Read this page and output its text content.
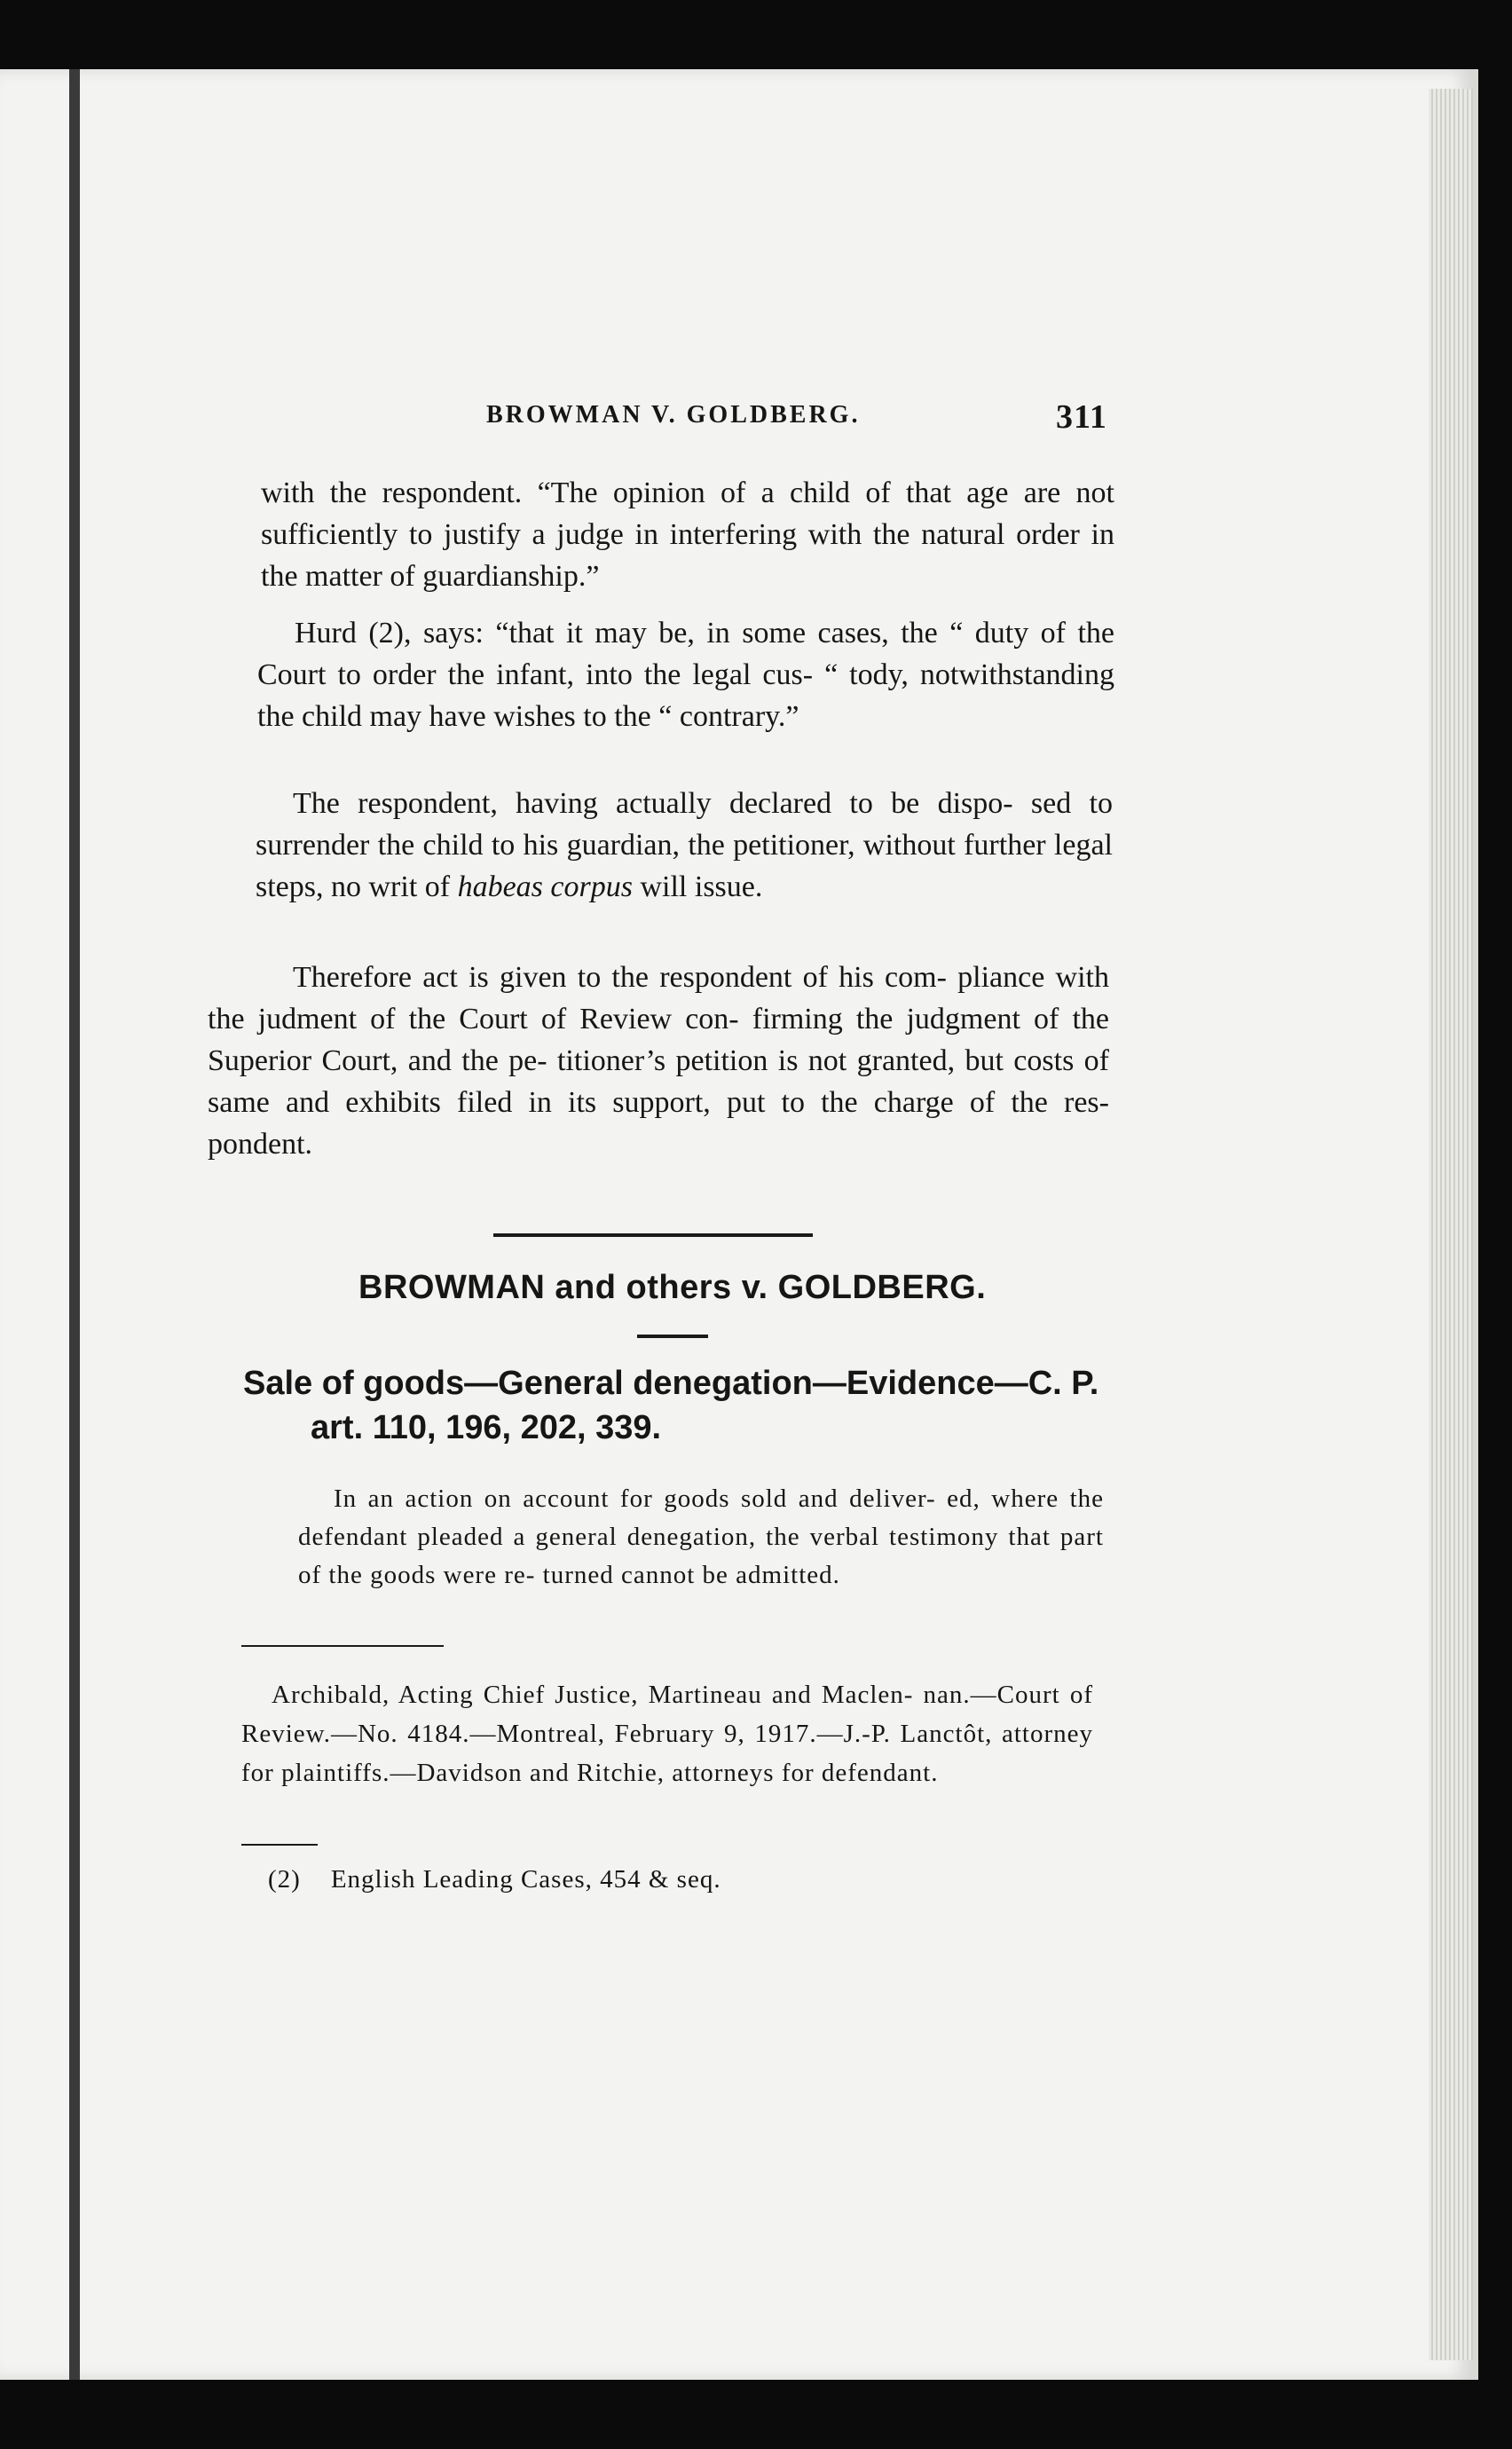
BROWMAN V. GOLDBERG.	311
with the respondent. “The opinion of a child of that age are not sufficiently to justify a judge in interfering with the natural order in the matter of guardianship.”
Hurd (2), says: “that it may be, in some cases, the “ duty of the Court to order the infant, into the legal cus- “ tody, notwithstanding the child may have wishes to the “ contrary.”
The respondent, having actually declared to be dispo- sed to surrender the child to his guardian, the petitioner, without further legal steps, no writ of habeas corpus will issue.
Therefore act is given to the respondent of his com- pliance with the judment of the Court of Review con- firming the judgment of the Superior Court, and the pe- titioner’s petition is not granted, but costs of same and exhibits filed in its support, put to the charge of the res- pondent.
BROWMAN and others v. GOLDBERG.
Sale of goods—General denegation—Evidence—C. P.
art. 110, 196, 202, 339.
In an action on account for goods sold and deliver- ed, where the defendant pleaded a general denegation, the verbal testimony that part of the goods were re- turned cannot be admitted.
Archibald, Acting Chief Justice, Martineau and Maclen- nan.—Court of Review.—No. 4184.—Montreal, February 9, 1917.—J.-P. Lanctôt, attorney for plaintiffs.—Davidson and Ritchie, attorneys for defendant.
(2) English Leading Cases, 454 & seq.
